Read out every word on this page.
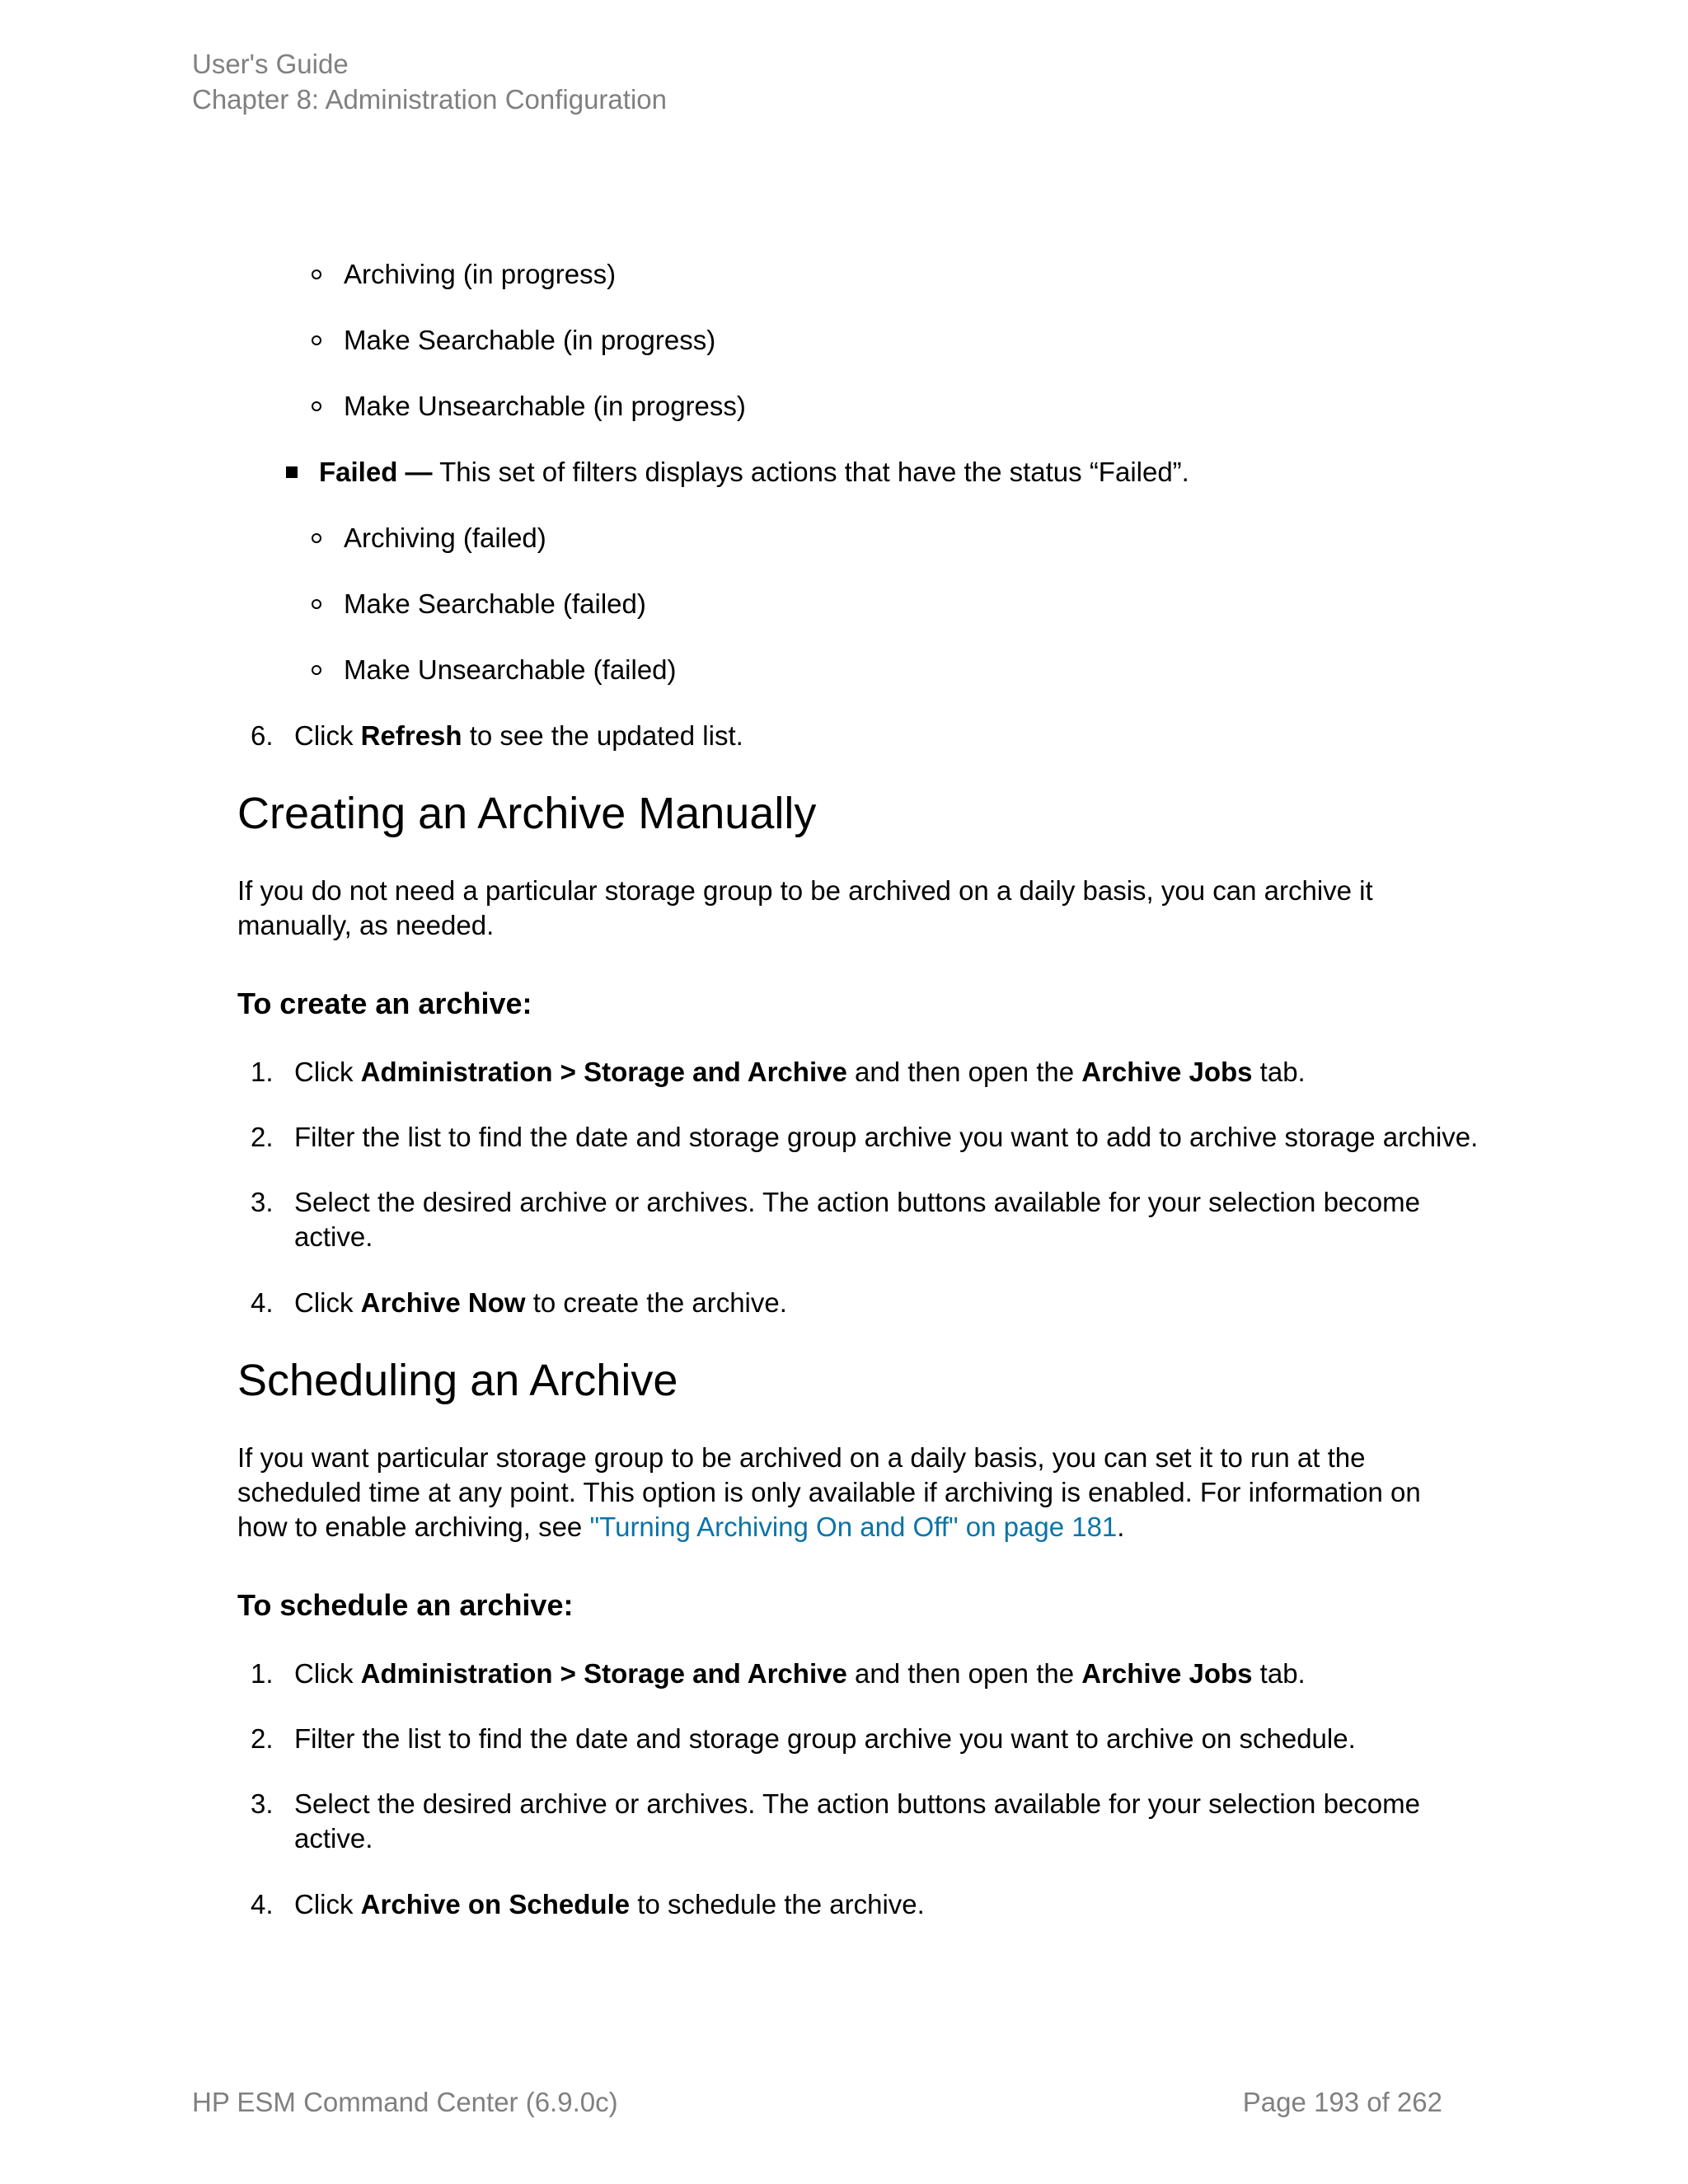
User's Guide
Chapter 8: Administration Configuration
Archiving (in progress)
Make Searchable (in progress)
Make Unsearchable (in progress)
Failed — This set of filters displays actions that have the status “Failed”.
Archiving (failed)
Make Searchable (failed)
Make Unsearchable (failed)
6. Click Refresh to see the updated list.
Creating an Archive Manually

If you do not need a particular storage group to be archived on a daily basis, you can archive it manually, as needed.

To create an archive:
1. Click Administration > Storage and Archive and then open the Archive Jobs tab.
2. Filter the list to find the date and storage group archive you want to add to archive storage archive.
3. Select the desired archive or archives. The action buttons available for your selection become active.

4. Click Archive Now to create the archive.
Scheduling an Archive

If you want particular storage group to be archived on a daily basis, you can set it to run at the scheduled time at any point. This option is only available if archiving is enabled. For information on how to enable archiving, see "Turning Archiving On and Off" on page 181.

To schedule an archive:
1. Click Administration > Storage and Archive and then open the Archive Jobs tab.
2. Filter the list to find the date and storage group archive you want to archive on schedule.
3. Select the desired archive or archives. The action buttons available for your selection become active.

4. Click Archive on Schedule to schedule the archive.
HP ESM Command Center (6.9.0c)	Page 193 of 262
